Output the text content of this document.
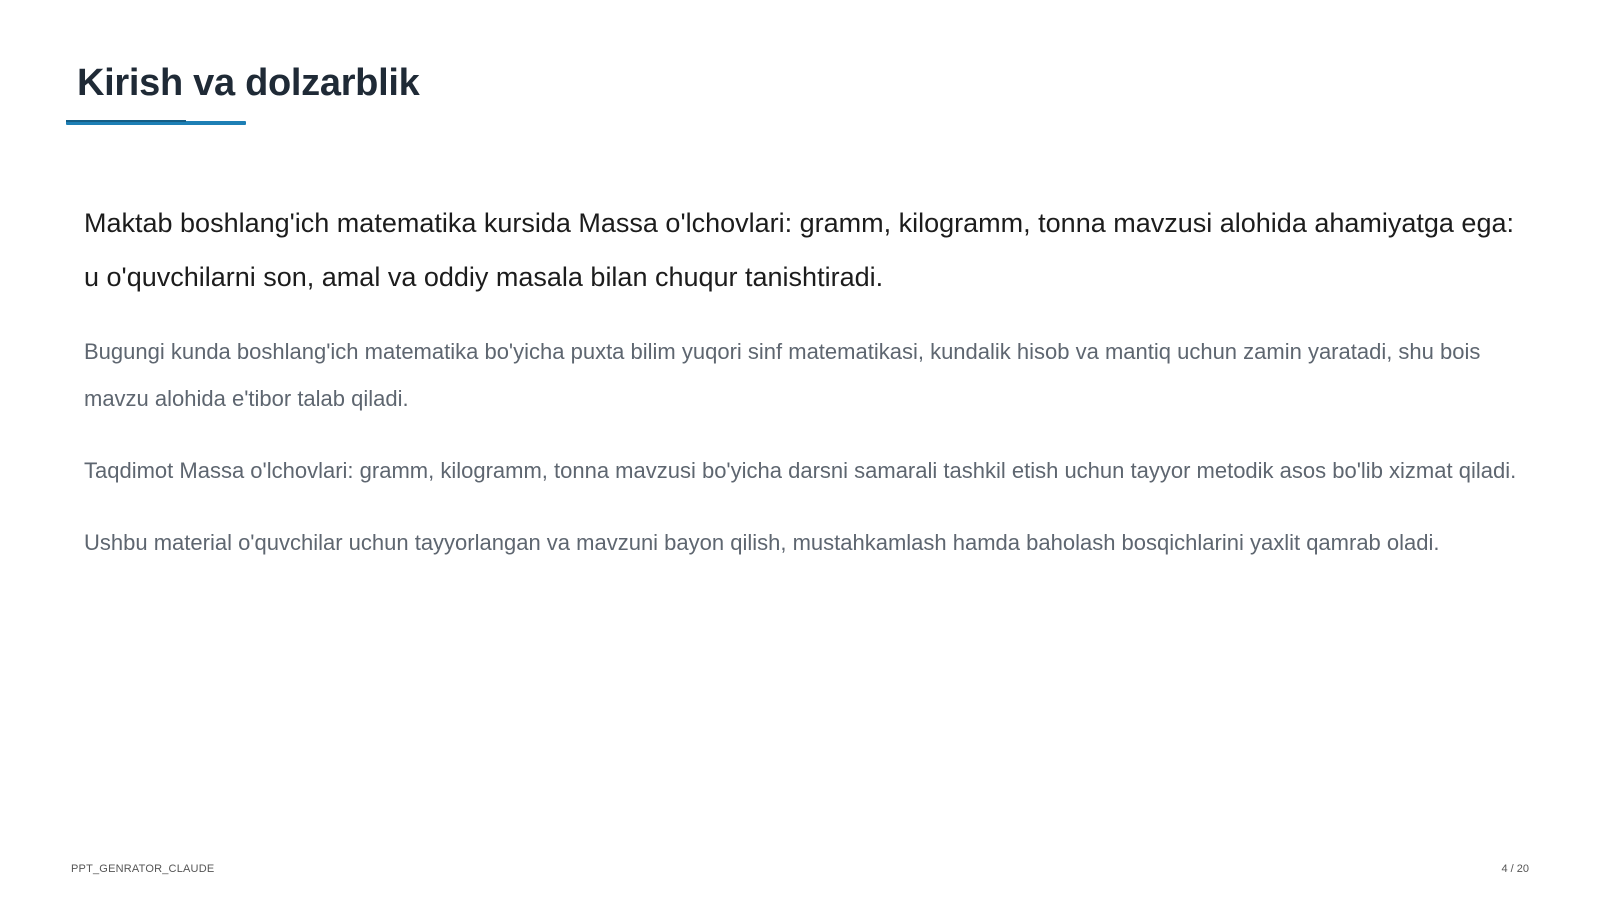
Kirish va dolzarblik

Maktab boshlang'ich matematika kursida Massa o'lchovlari: gramm, kilogramm, tonna mavzusi alohida ahamiyatga ega: u o'quvchilarni son, amal va oddiy masala bilan chuqur tanishtiradi.

Bugungi kunda boshlang'ich matematika bo'yicha puxta bilim yuqori sinf matematikasi, kundalik hisob va mantiq uchun zamin yaratadi, shu bois mavzu alohida e'tibor talab qiladi.

Taqdimot Massa o'lchovlari: gramm, kilogramm, tonna mavzusi bo'yicha darsni samarali tashkil etish uchun tayyor metodik asos bo'lib xizmat qiladi.

Ushbu material o'quvchilar uchun tayyorlangan va mavzuni bayon qilish, mustahkamlash hamda baholash bosqichlarini yaxlit qamrab oladi.

PPT_GENRATOR_CLAUDE	4 / 20
